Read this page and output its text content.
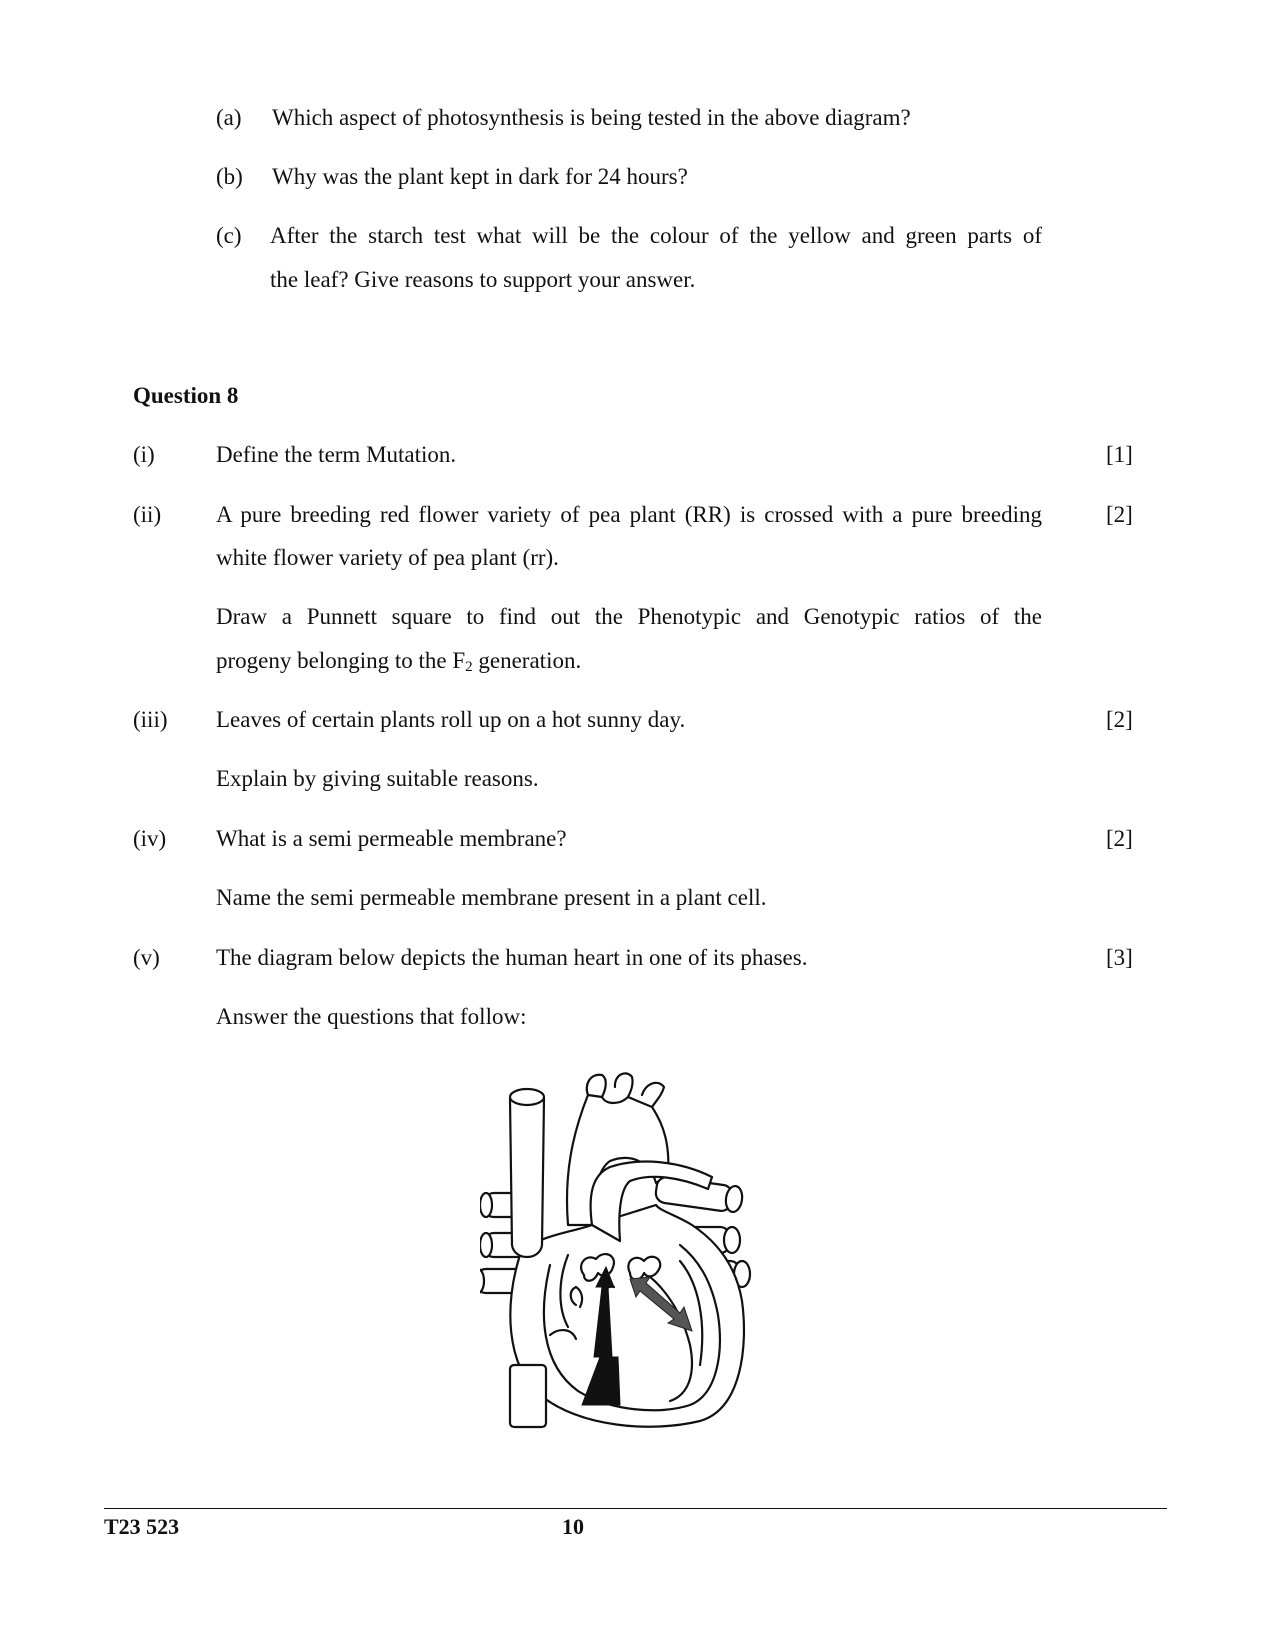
(a) Which aspect of photosynthesis is being tested in the above diagram?
(b) Why was the plant kept in dark for 24 hours?
(c) After the starch test what will be the colour of the yellow and green parts of
the leaf? Give reasons to support your answer.
Question 8
(i)	Define the term Mutation.	[1]
(ii) A pure breeding red flower variety of pea plant (RR) is crossed with a pure breeding
white flower variety of pea plant (rr).
Draw a Punnett square to find out the Phenotypic and Genotypic ratios of the
progeny belonging to the $F_2$ generation.
[2]
(iii) Leaves of certain plants roll up on a hot sunny day.
Explain by giving suitable reasons.
[2]
(iv) What is a semi permeable membrane?
Name the semi permeable membrane present in a plant cell.
[2]
(v) The diagram below depicts the human heart in one of its phases.
Answer the questions that follow:
[3]
T23 523	10
